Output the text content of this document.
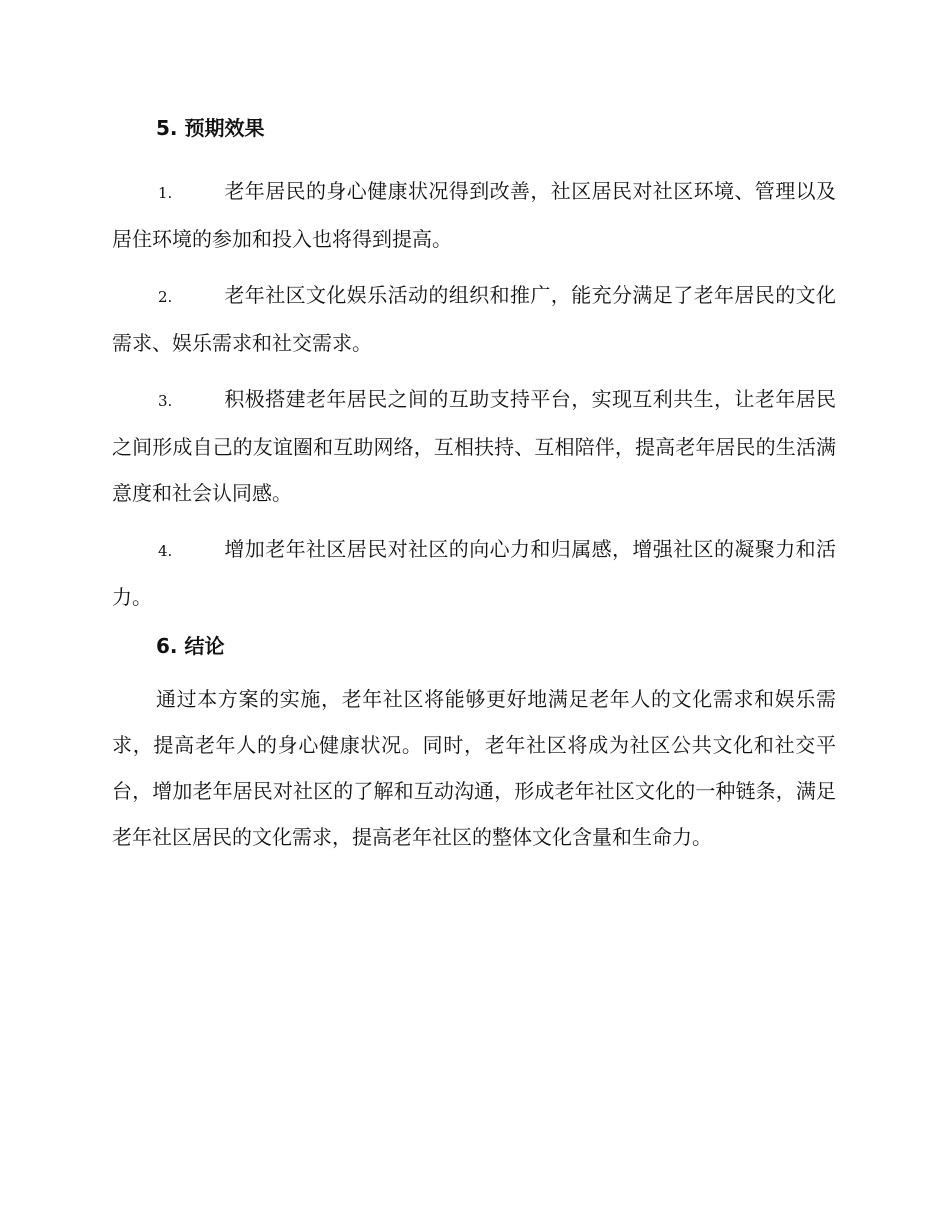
5. 预期效果

1.	老年居民的身心健康状况得到改善，社区居民对社区环境、管理以及居住环境的参加和投入也将得到提高。

2.	老年社区文化娱乐活动的组织和推广，能充分满足了老年居民的文化需求、娱乐需求和社交需求。

3.	积极搭建老年居民之间的互助支持平台，实现互利共生，让老年居民之间形成自己的友谊圈和互助网络，互相扶持、互相陪伴，提高老年居民的生活满意度和社会认同感。

4.	增加老年社区居民对社区的向心力和归属感，增强社区的凝聚力和活力。

6. 结论

通过本方案的实施，老年社区将能够更好地满足老年人的文化需求和娱乐需求，提高老年人的身心健康状况。同时，老年社区将成为社区公共文化和社交平台，增加老年居民对社区的了解和互动沟通，形成老年社区文化的一种链条，满足老年社区居民的文化需求，提高老年社区的整体文化含量和生命力。
